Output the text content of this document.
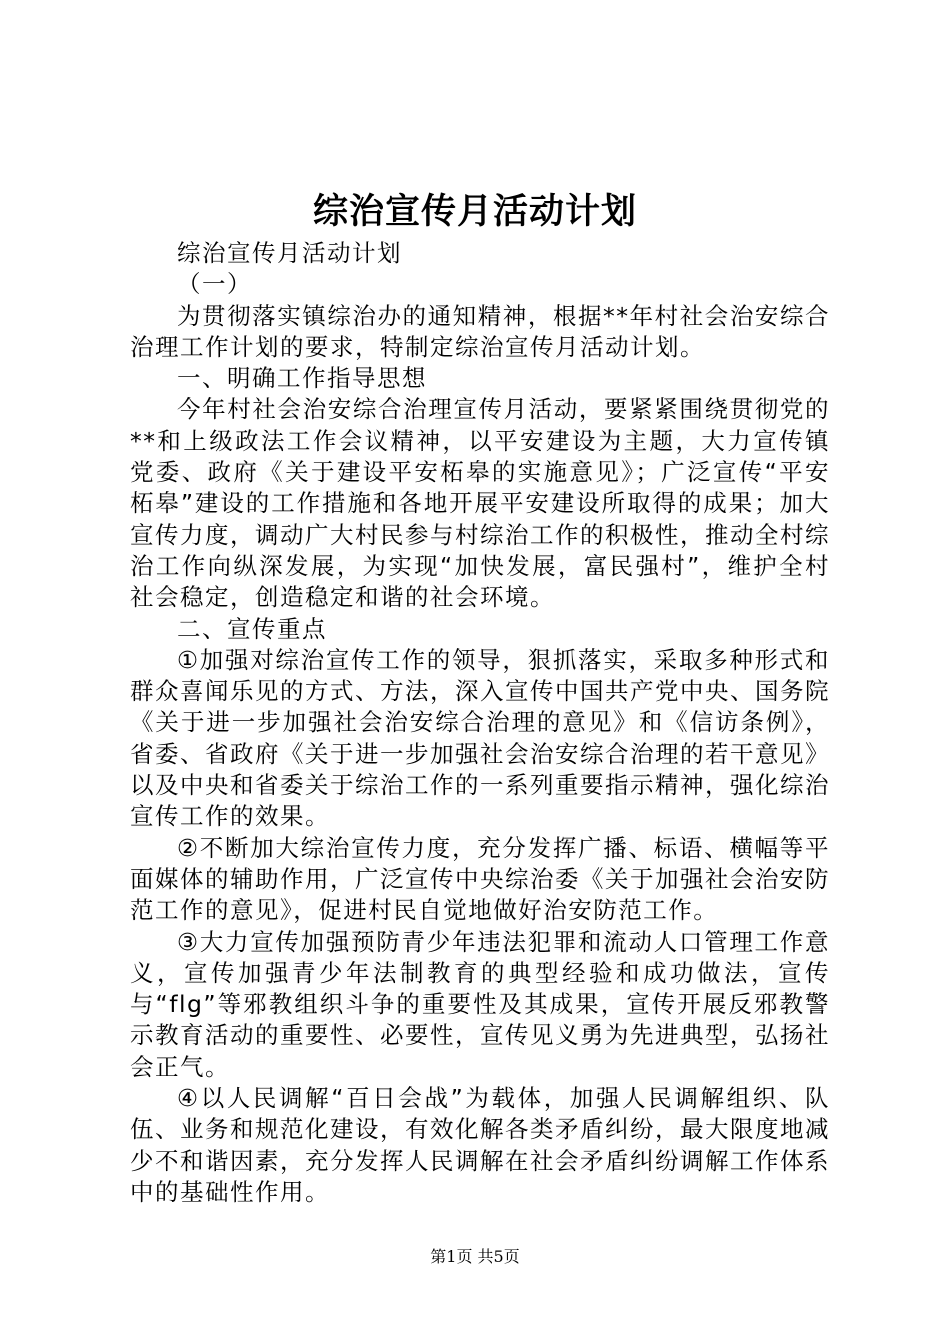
综治宣传月活动计划

综治宣传月活动计划

（一）

为贯彻落实镇综治办的通知精神，根据**年村社会治安综合治理工作计划的要求，特制定综治宣传月活动计划。

一、明确工作指导思想

今年村社会治安综合治理宣传月活动，要紧紧围绕贯彻党的**和上级政法工作会议精神，以平安建设为主题，大力宣传镇党委、政府《关于建设平安柘皋的实施意见》；广泛宣传“平安柘皋”建设的工作措施和各地开展平安建设所取得的成果；加大宣传力度，调动广大村民参与村综治工作的积极性，推动全村综治工作向纵深发展，为实现“加快发展，富民强村”，维护全村社会稳定，创造稳定和谐的社会环境。

二、宣传重点

①加强对综治宣传工作的领导，狠抓落实，采取多种形式和群众喜闻乐见的方式、方法，深入宣传中国共产党中央、国务院《关于进一步加强社会治安综合治理的意见》和《信访条例》，省委、省政府《关于进一步加强社会治安综合治理的若干意见》以及中央和省委关于综治工作的一系列重要指示精神，强化综治宣传工作的效果。

②不断加大综治宣传力度，充分发挥广播、标语、横幅等平面媒体的辅助作用，广泛宣传中央综治委《关于加强社会治安防范工作的意见》，促进村民自觉地做好治安防范工作。

③大力宣传加强预防青少年违法犯罪和流动人口管理工作意义，宣传加强青少年法制教育的典型经验和成功做法，宣传与“flg”等邪教组织斗争的重要性及其成果，宣传开展反邪教警示教育活动的重要性、必要性，宣传见义勇为先进典型，弘扬社会正气。

④以人民调解“百日会战”为载体，加强人民调解组织、队伍、业务和规范化建设，有效化解各类矛盾纠纷，最大限度地减少不和谐因素，充分发挥人民调解在社会矛盾纠纷调解工作体系中的基础性作用。

第1页 共5页
